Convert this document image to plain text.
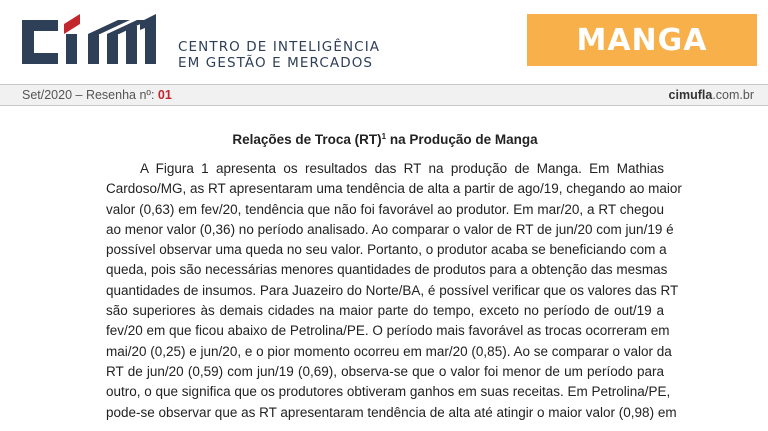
CIM
CENTRO DE INTELIGÊNCIA
EM GESTÃO E MERCADOS
MANGA
Set/2020 – Resenha nº: 01	cimufla.com.br
Relações de Troca (RT)$^1$ na Produção de Manga
A Figura 1 apresenta os resultados das RT na produção de Manga. Em Mathias
Cardoso/MG, as RT apresentaram uma tendência de alta a partir de ago/19, chegando ao maior
valor (0,63) em fev/20, tendência que não foi favorável ao produtor. Em mar/20, a RT chegou
ao menor valor (0,36) no período analisado. Ao comparar o valor de RT de jun/20 com jun/19 é
possível observar uma queda no seu valor. Portanto, o produtor acaba se beneficiando com a
queda, pois são necessárias menores quantidades de produtos para a obtenção das mesmas
quantidades de insumos. Para Juazeiro do Norte/BA, é possível verificar que os valores das RT
são superiores às demais cidades na maior parte do tempo, exceto no período de out/19 a
fev/20 em que ficou abaixo de Petrolina/PE. O período mais favorável as trocas ocorreram em
mai/20 (0,25) e jun/20, e o pior momento ocorreu em mar/20 (0,85). Ao se comparar o valor da
RT de jun/20 (0,59) com jun/19 (0,69), observa-se que o valor foi menor de um período para
outro, o que significa que os produtores obtiveram ganhos em suas receitas. Em Petrolina/PE,
pode-se observar que as RT apresentaram tendência de alta até atingir o maior valor (0,98) em
